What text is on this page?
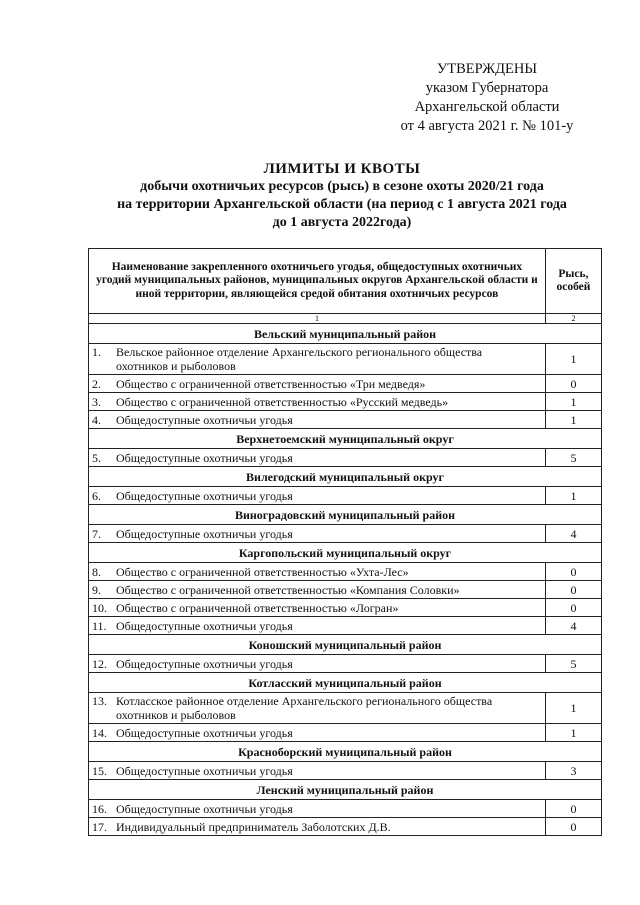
УТВЕРЖДЕНЫ
указом Губернатора
Архангельской области
от 4 августа 2021 г. № 101-у
ЛИМИТЫ И КВОТЫ
добычи охотничьих ресурсов (рысь) в сезоне охоты 2020/21 года
на территории Архангельской области (на период с 1 августа 2021 года
до 1 августа 2022года)
Наименование закрепленного охотничьего угодья, общедоступных охотничьих угодий муниципальных районов, муниципальных округов Архангельской области и иной территории, являющейся средой обитания охотничьих ресурсов	Рысь, особей
1	2
Вельский муниципальный район	
1. Вельское районное отделение Архангельского регионального общества охотников и рыболовов	1
2. Общество с ограниченной ответственностью «Три медведя»	0
3. Общество с ограниченной ответственностью «Русский медведь»	1
4. Общедоступные охотничьи угодья	1
Верхнетоемский муниципальный округ	
5. Общедоступные охотничьи угодья	5
Вилегодский муниципальный округ	
6. Общедоступные охотничьи угодья	1
Виноградовский муниципальный район	
7. Общедоступные охотничьи угодья	4
Каргопольский муниципальный округ	
8. Общество с ограниченной ответственностью «Ухта-Лес»	0
9. Общество с ограниченной ответственностью «Компания Соловки»	0
10. Общество с ограниченной ответственностью «Логран»	0
11. Общедоступные охотничьи угодья	4
Коношский муниципальный район	
12. Общедоступные охотничьи угодья	5
Котласский муниципальный район	
13. Котласское районное отделение Архангельского регионального общества охотников и рыболовов	1
14. Общедоступные охотничьи угодья	1
Красноборский муниципальный район	
15. Общедоступные охотничьи угодья	3
Ленский муниципальный район	
16. Общедоступные охотничьи угодья	0
17. Индивидуальный предприниматель Заболотских Д.В.	0
